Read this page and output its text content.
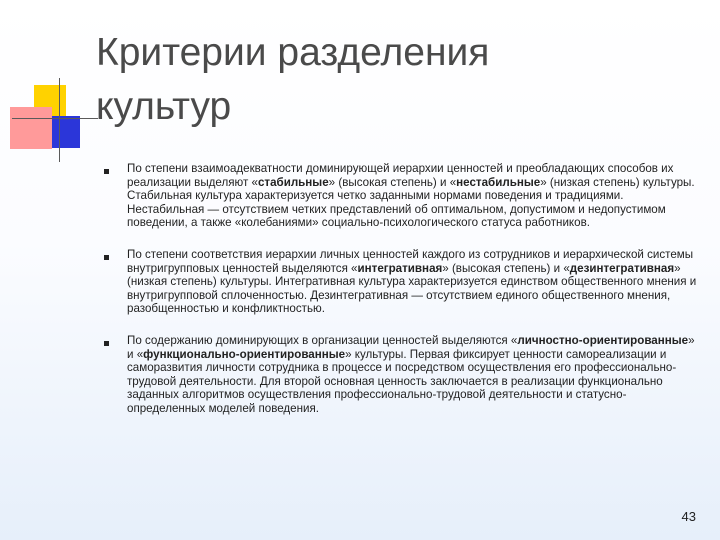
Критерии разделения
культур

По степени взаимоадекватности доминирующей иерархии ценностей и преобладающих способов их реализации выделяют «стабильные» (высокая степень) и «нестабильные» (низкая степень) культуры. Стабильная культура характеризуется четко заданными нормами поведения и традициями. Нестабильная — отсутствием четких представлений об оптимальном, допустимом и недопустимом поведении, а также «колебаниями» социально-психологического статуса работников.

По степени соответствия иерархии личных ценностей каждого из сотрудников и иерархической системы внутригрупповых ценностей выделяются «интегративная» (высокая степень) и «дезинтегративная» (низкая степень) культуры. Интегративная культура характеризуется единством общественного мнения и внутригрупповой сплоченностью. Дезинтегративная — отсутствием единого общественного мнения, разобщенностью и конфликтностью.

По содержанию доминирующих в организации ценностей выделяются «личностно-ориентированные» и «функционально-ориентированные» культуры. Первая фиксирует ценности самореализации и саморазвития личности сотрудника в процессе и посредством осуществления его профессионально-трудовой деятельности. Для второй основная ценность заключается в реализации функционально заданных алгоритмов осуществления профессионально-трудовой деятельности и статусно-определенных моделей поведения.

43
